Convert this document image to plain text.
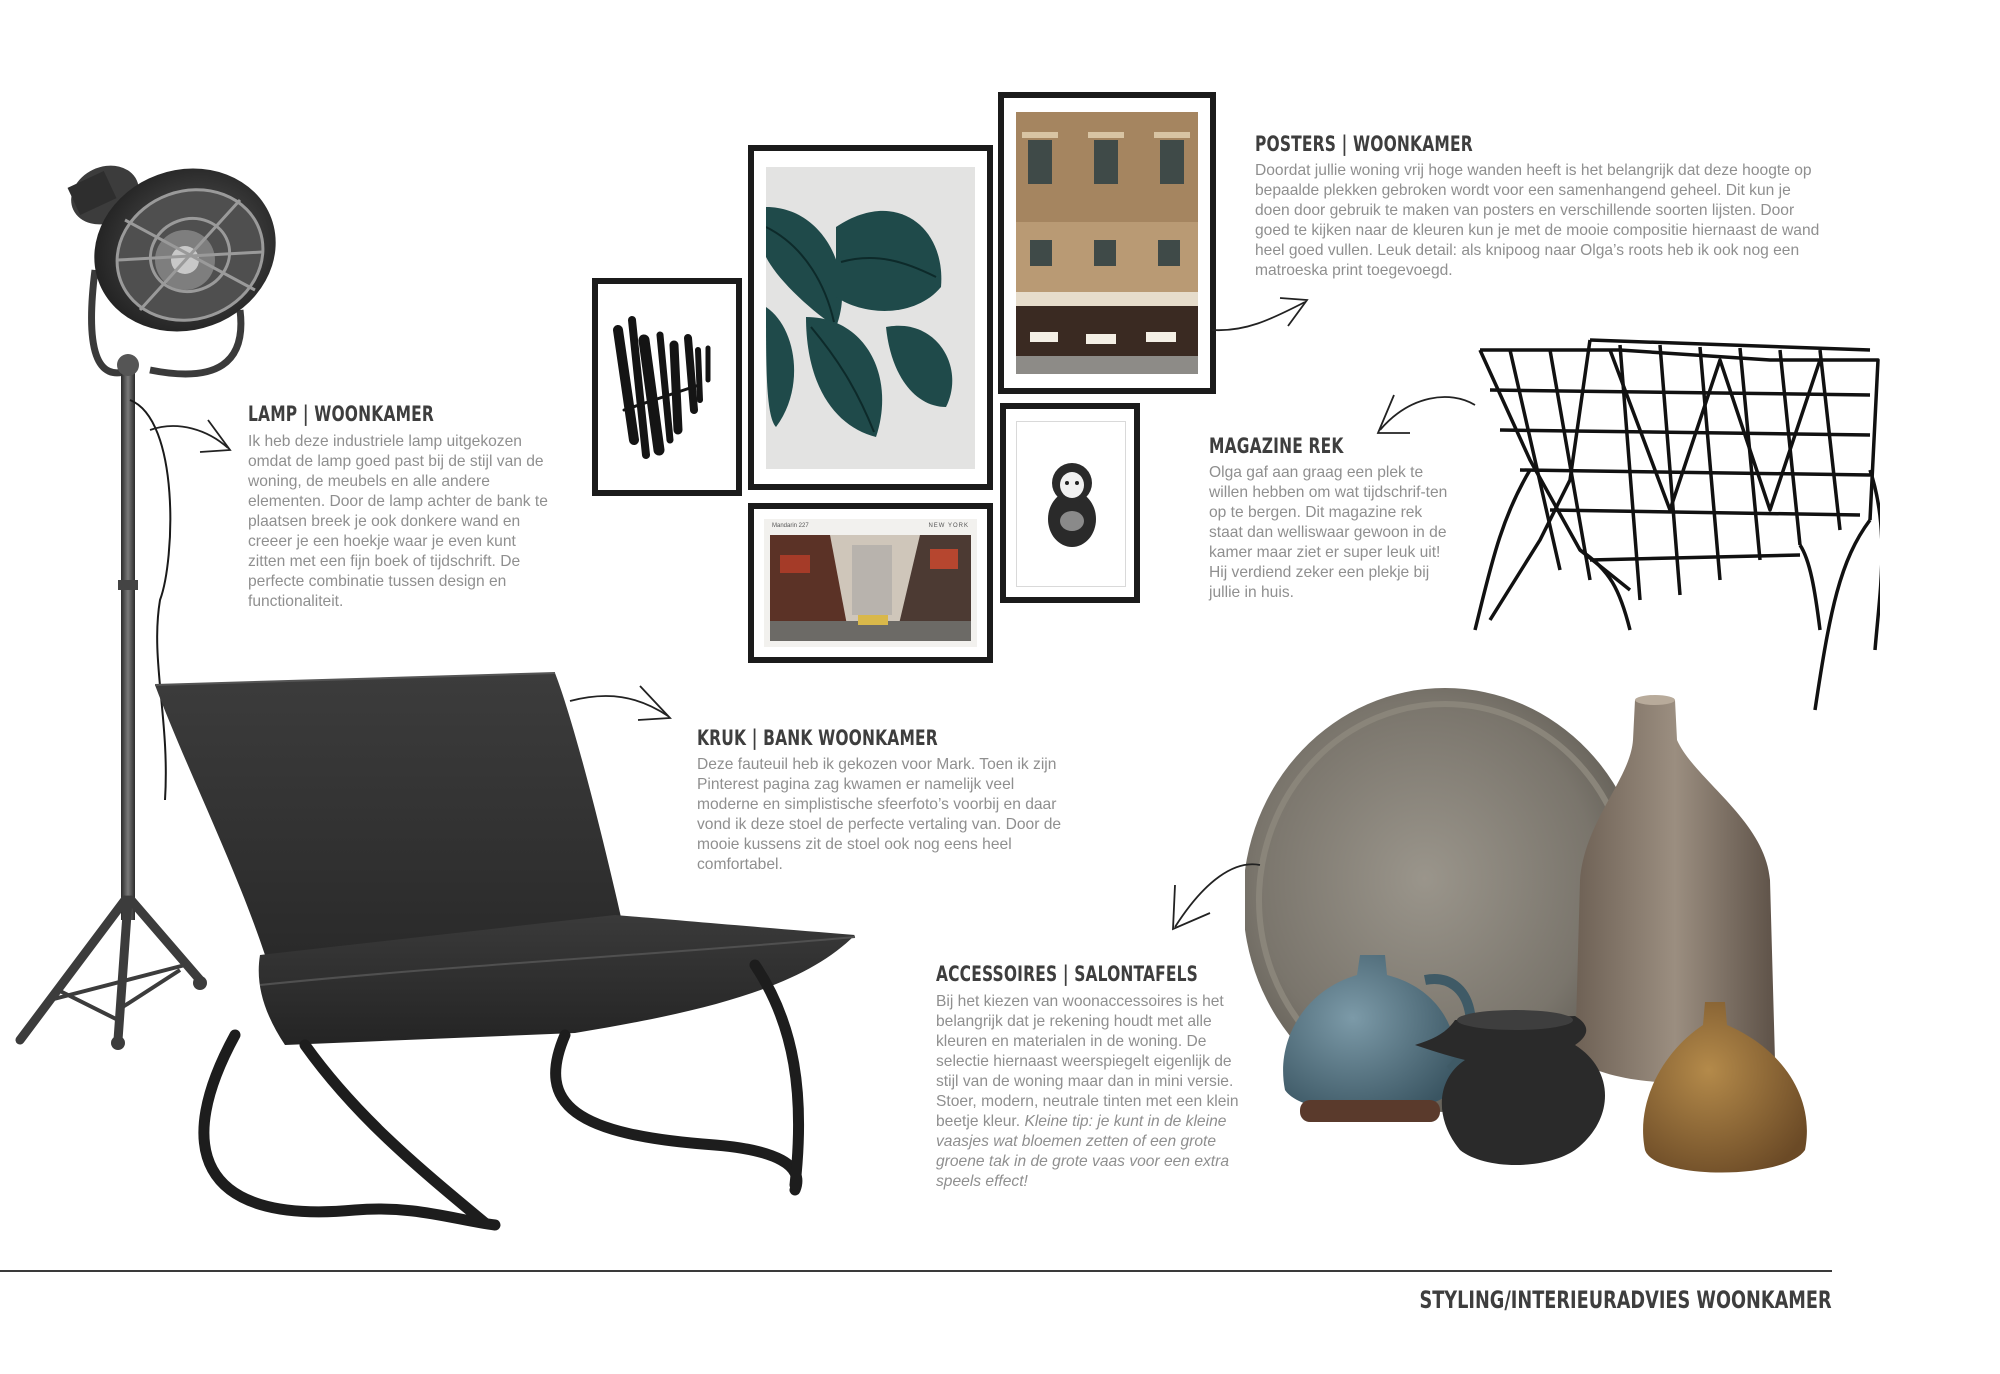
LAMP | WOONKAMER
Ik heb deze industriele lamp uitgekozen omdat de lamp goed past bij de stijl van de woning, de meubels en alle andere elementen. Door de lamp achter de bank te plaatsen breek je ook donkere wand en creeer je een hoekje waar je even kunt zitten met een fijn boek of tijdschrift. De perfecte combinatie tussen design en functionaliteit.
Mandarin 227	NEW YORK
POSTERS | WOONKAMER
Doordat jullie woning vrij hoge wanden heeft is het belangrijk dat deze hoogte op bepaalde plekken gebroken wordt voor een samenhangend geheel. Dit kun je doen door gebruik te maken van posters en verschillende soorten lijsten. Door goed te kijken naar de kleuren kun je met de mooie compositie hiernaast de wand heel goed vullen. Leuk detail: als knipoog naar Olga’s roots heb ik ook nog een matroeska print toegevoegd.
MAGAZINE REK
Olga gaf aan graag een plek te willen hebben om wat tijdschrif-ten op te bergen. Dit magazine rek staat dan welliswaar gewoon in de kamer maar ziet er super leuk uit! Hij verdiend zeker een plekje bij jullie in huis.
KRUK | BANK WOONKAMER
Deze fauteuil heb ik gekozen voor Mark. Toen ik zijn Pinterest pagina zag kwamen er namelijk veel moderne en simplistische sfeerfoto’s voorbij en daar vond ik deze stoel de perfecte vertaling van. Door de mooie kussens zit de stoel ook nog eens heel comfortabel.
ACCESSOIRES | SALONTAFELS
Bij het kiezen van woonaccessoires is het belangrijk dat je rekening houdt met alle kleuren en materialen in de woning. De selectie hiernaast weerspiegelt eigenlijk de stijl van de woning maar dan in mini versie. Stoer, modern, neutrale tinten met een klein beetje kleur. Kleine tip: je kunt in de kleine vaasjes wat bloemen zetten of een grote groene tak in de grote vaas voor een extra speels effect!
STYLING/INTERIEURADVIES WOONKAMER
